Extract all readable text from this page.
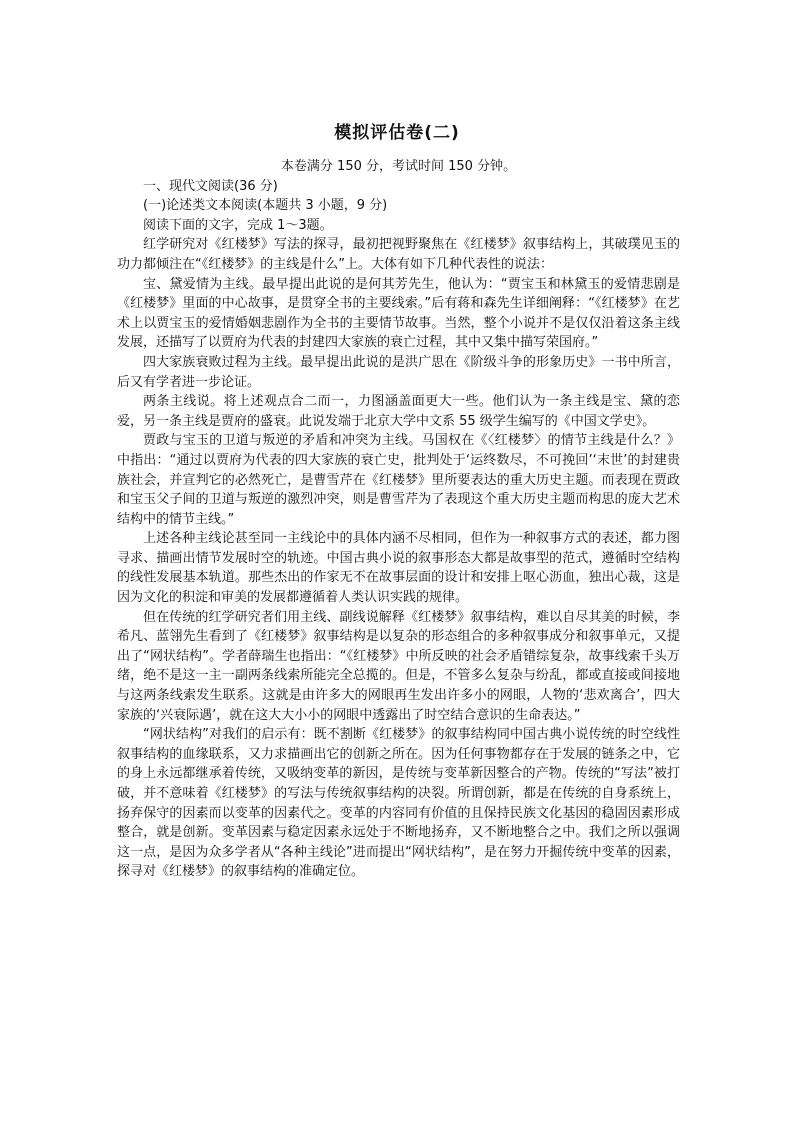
模拟评估卷(二)
本卷满分 150 分，考试时间 150 分钟。
一、现代文阅读(36 分)
(一)论述类文本阅读(本题共 3 小题，9 分)
阅读下面的文字，完成 1～3题。

红学研究对《红楼梦》写法的探寻，最初把视野聚焦在《红楼梦》叙事结构上，其破璞见玉的功力都倾注在“《红楼梦》的主线是什么”上。大体有如下几种代表性的说法：

宝、黛爱情为主线。最早提出此说的是何其芳先生，他认为：“贾宝玉和林黛玉的爱情悲剧是《红楼梦》里面的中心故事，是贯穿全书的主要线索。”后有蒋和森先生详细阐释：“《红楼梦》在艺术上以贾宝玉的爱情婚姻悲剧作为全书的主要情节故事。当然，整个小说并不是仅仅沿着这条主线发展，还描写了以贾府为代表的封建四大家族的衰亡过程，其中又集中描写荣国府。”

四大家族衰败过程为主线。最早提出此说的是洪广思在《阶级斗争的形象历史》一书中所言，后又有学者进一步论证。

两条主线说。将上述观点合二而一，力图涵盖面更大一些。他们认为一条主线是宝、黛的恋爱，另一条主线是贾府的盛衰。此说发端于北京大学中文系 55 级学生编写的《中国文学史》。

贾政与宝玉的卫道与叛逆的矛盾和冲突为主线。马国权在《〈红楼梦〉的情节主线是什么？》中指出：“通过以贾府为代表的四大家族的衰亡史，批判处于‘运终数尽，不可挽回’‘末世’的封建贵族社会，并宣判它的必然死亡，是曹雪芹在《红楼梦》里所要表达的重大历史主题。而表现在贾政和宝玉父子间的卫道与叛逆的激烈冲突，则是曹雪芹为了表现这个重大历史主题而构思的庞大艺术结构中的情节主线。”

上述各种主线论甚至同一主线论中的具体内涵不尽相同，但作为一种叙事方式的表述，都力图寻求、描画出情节发展时空的轨迹。中国古典小说的叙事形态大都是故事型的范式，遵循时空结构的线性发展基本轨道。那些杰出的作家无不在故事层面的设计和安排上呕心沥血，独出心裁，这是因为文化的积淀和审美的发展都遵循着人类认识实践的规律。

但在传统的红学研究者们用主线、副线说解释《红楼梦》叙事结构，难以自尽其美的时候，李希凡、蓝翎先生看到了《红楼梦》叙事结构是以复杂的形态组合的多种叙事成分和叙事单元，又提出了“网状结构”。学者薛瑞生也指出：“《红楼梦》中所反映的社会矛盾错综复杂，故事线索千头万绪，绝不是这一主一副两条线索所能完全总揽的。但是，不管多么复杂与纷乱，都或直接或间接地与这两条线索发生联系。这就是由许多大的网眼再生发出许多小的网眼，人物的‘悲欢离合’，四大家族的‘兴衰际遇’，就在这大大小小的网眼中透露出了时空结合意识的生命表达。”

“网状结构”对我们的启示有：既不割断《红楼梦》的叙事结构同中国古典小说传统的时空线性叙事结构的血缘联系，又力求描画出它的创新之所在。因为任何事物都存在于发展的链条之中，它的身上永远都继承着传统，又吸纳变革的新因，是传统与变革新因整合的产物。传统的“写法”被打破，并不意味着《红楼梦》的写法与传统叙事结构的决裂。所谓创新，都是在传统的自身系统上，扬弃保守的因素而以变革的因素代之。变革的内容同有价值的且保持民族文化基因的稳固因素形成整合，就是创新。变革因素与稳定因素永远处于不断地扬弃，又不断地整合之中。我们之所以强调这一点，是因为众多学者从“各种主线论”进而提出“网状结构”，是在努力开掘传统中变革的因素，探寻对《红楼梦》的叙事结构的准确定位。
